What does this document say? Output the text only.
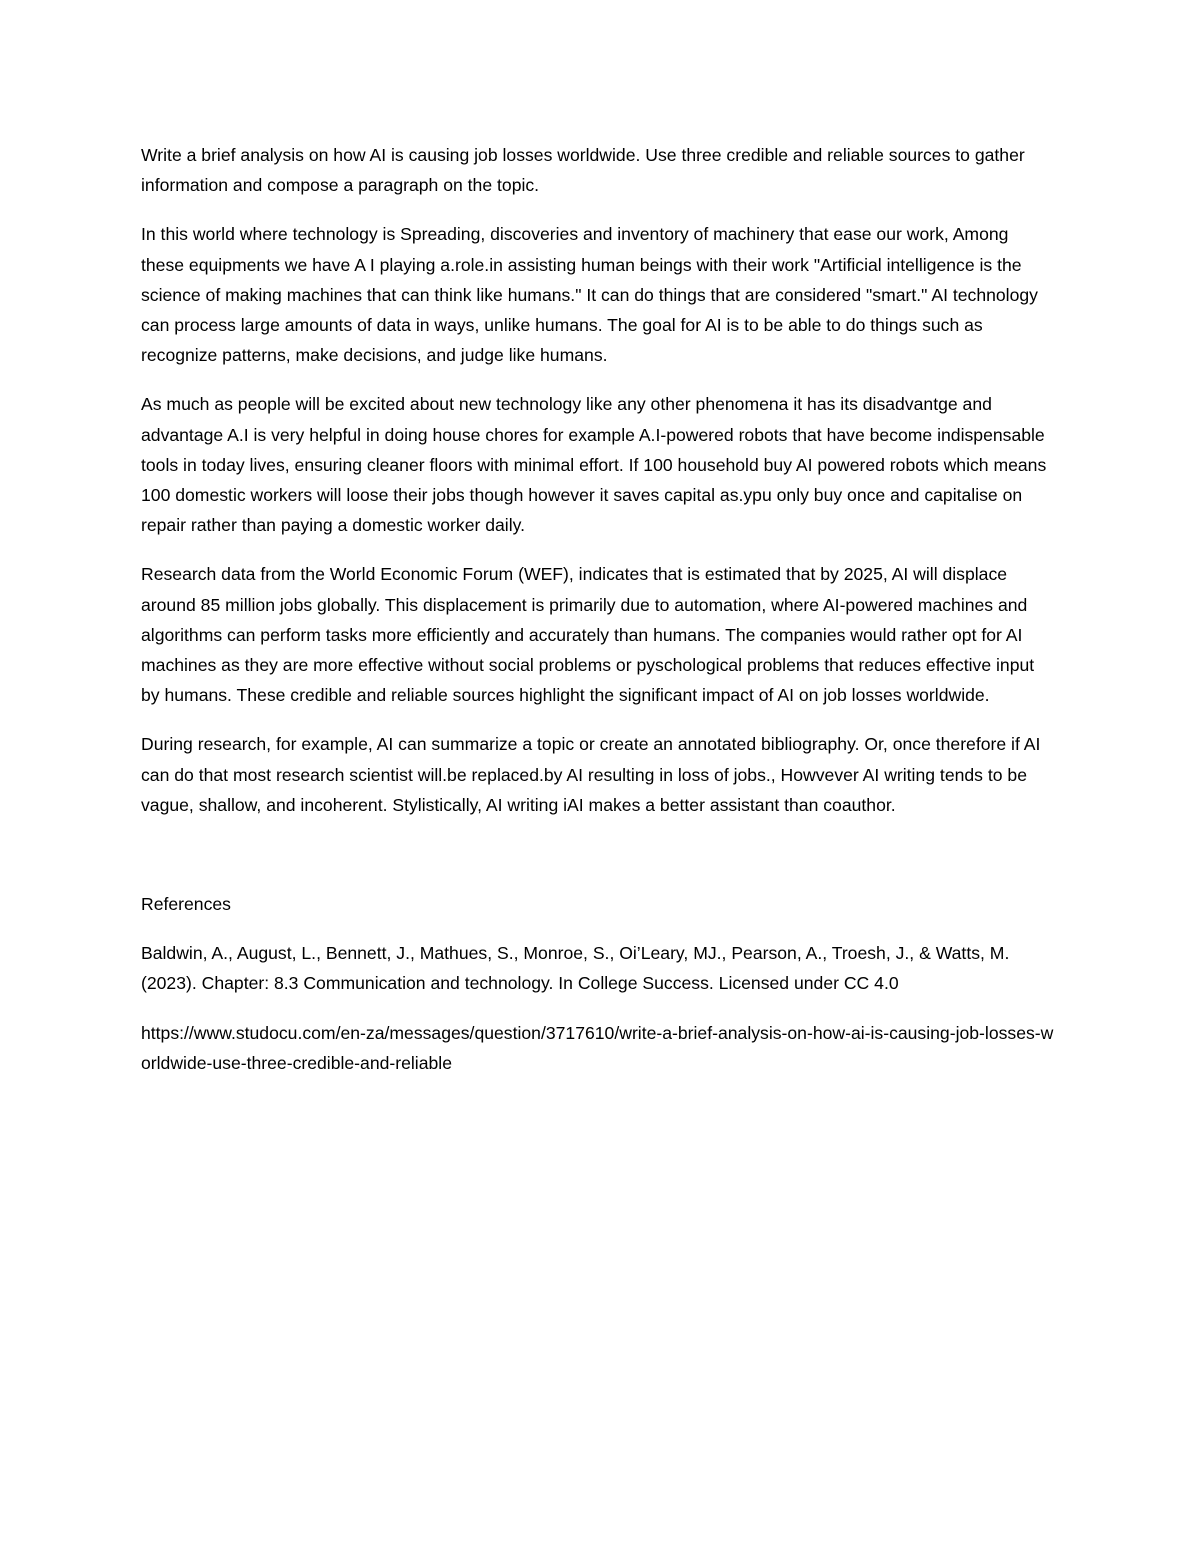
Write a brief analysis on how AI is causing job losses worldwide. Use three credible and reliable sources to gather information and compose a paragraph on the topic.

In this world where technology is Spreading, discoveries and inventory of machinery that ease our work, Among these equipments we have A I playing a.role.in assisting human beings with their work "Artificial intelligence is the science of making machines that can think like humans." It can do things that are considered "smart." AI technology can process large amounts of data in ways, unlike humans. The goal for AI is to be able to do things such as recognize patterns, make decisions, and judge like humans.

As much as people will be excited about new technology like any other phenomena it has its disadvantge and advantage A.I is very helpful in doing house chores for example A.I-powered robots that have become indispensable tools in today lives, ensuring cleaner floors with minimal effort. If 100 household buy AI powered robots which means 100 domestic workers will loose their jobs though however it saves capital as.ypu only buy once and capitalise on repair rather than paying a domestic worker daily.

Research data from the World Economic Forum (WEF), indicates that is estimated that by 2025, AI will displace around 85 million jobs globally. This displacement is primarily due to automation, where AI-powered machines and algorithms can perform tasks more efficiently and accurately than humans. The companies would rather opt for AI machines as they are more effective without social problems or pyschological problems that reduces effective input by humans. These credible and reliable sources highlight the significant impact of AI on job losses worldwide.

During research, for example, AI can summarize a topic or create an annotated bibliography. Or, once therefore if AI can do that most research scientist will.be replaced.by AI resulting in loss of jobs., Howvever AI writing tends to be vague, shallow, and incoherent. Stylistically, AI writing iAI makes a better assistant than coauthor.

References

Baldwin, A., August, L., Bennett, J., Mathues, S., Monroe, S., Oi’Leary, MJ., Pearson, A., Troesh, J., & Watts, M. (2023). Chapter: 8.3 Communication and technology. In College Success. Licensed under CC 4.0

https://www.studocu.com/en-za/messages/question/3717610/write-a-brief-analysis-on-how-ai-is-causing-job-losses-worldwide-use-three-credible-and-reliable
